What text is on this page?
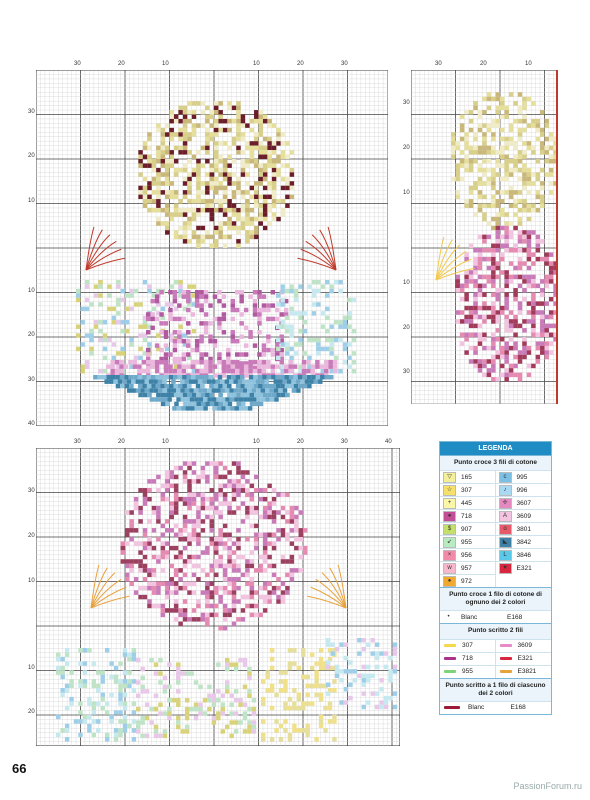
30	20	10	10	20	30
30
20
10
10
20
30
40
30	20	10
30
20
10
10
20
30
30	20	10	10	20	30	40
30
20
10
10
20
LEGENDA
Punto croce 3 fili di cotone
▽	165	c	995
☆	307	♪	996
+	445	✢	3607
●	718	A	3609
$	907	o	3801
↙	955	◣	3842
×	956	L	3846
w	957	♥	E321
●	972
Punto croce 1 filo di cotone di ognuno dei 2 colori
•	Blanc	E168
Punto scritto 2 fili
307	3609
718	E321
955	E3821
Punto scritto a 1 filo di ciascuno dei 2 colori
Blanc	E168
66
PassionForum.ru
